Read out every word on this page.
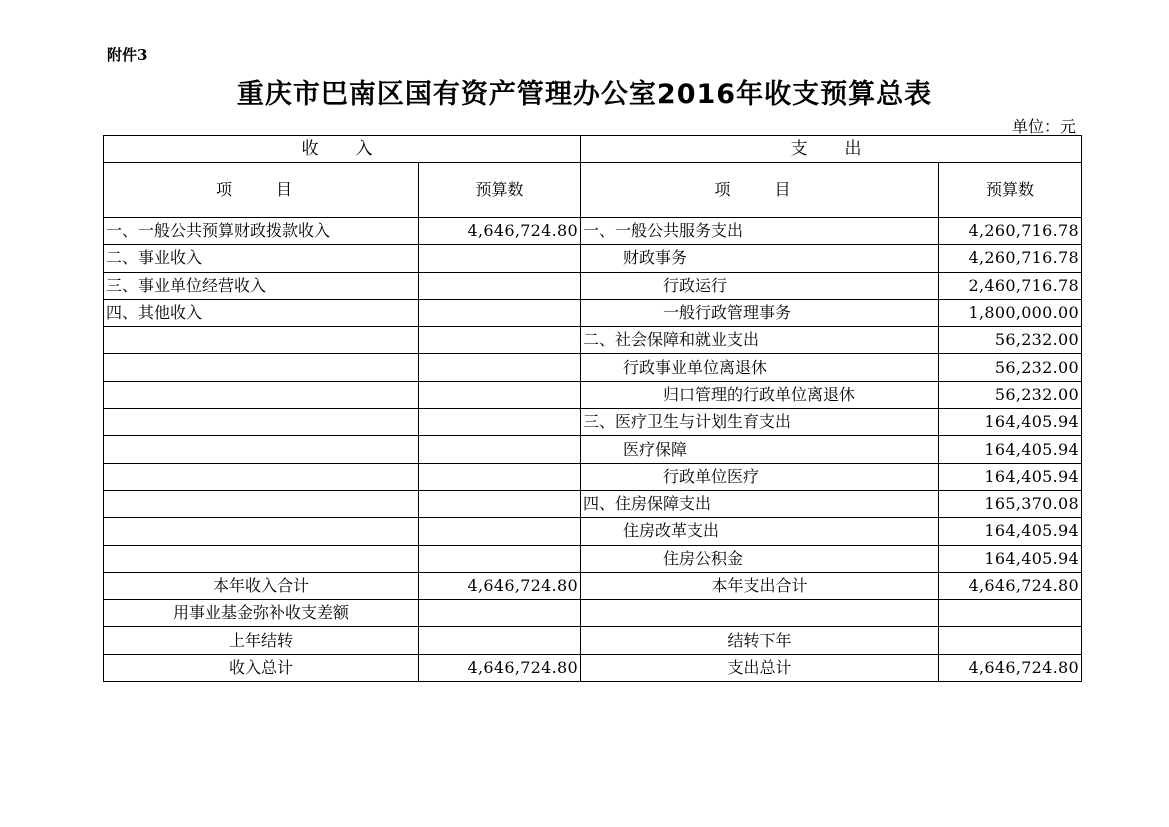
附件3
重庆市巴南区国有资产管理办公室2016年收支预算总表
单位：元
收　入		支　出	
项　目	预算数	项　目	预算数
一、一般公共预算财政拨款收入	4,646,724.80	一、一般公共服务支出	4,260,716.78
二、事业收入		财政事务	4,260,716.78
三、事业单位经营收入		行政运行	2,460,716.78
四、其他收入		一般行政管理事务	1,800,000.00
		二、社会保障和就业支出	56,232.00
		行政事业单位离退休	56,232.00
		归口管理的行政单位离退休	56,232.00
		三、医疗卫生与计划生育支出	164,405.94
		医疗保障	164,405.94
		行政单位医疗	164,405.94
		四、住房保障支出	165,370.08
		住房改革支出	164,405.94
		住房公积金	164,405.94
本年收入合计	4,646,724.80	本年支出合计	4,646,724.80
用事业基金弥补收支差额			
上年结转		结转下年	
收入总计	4,646,724.80	支出总计	4,646,724.80
